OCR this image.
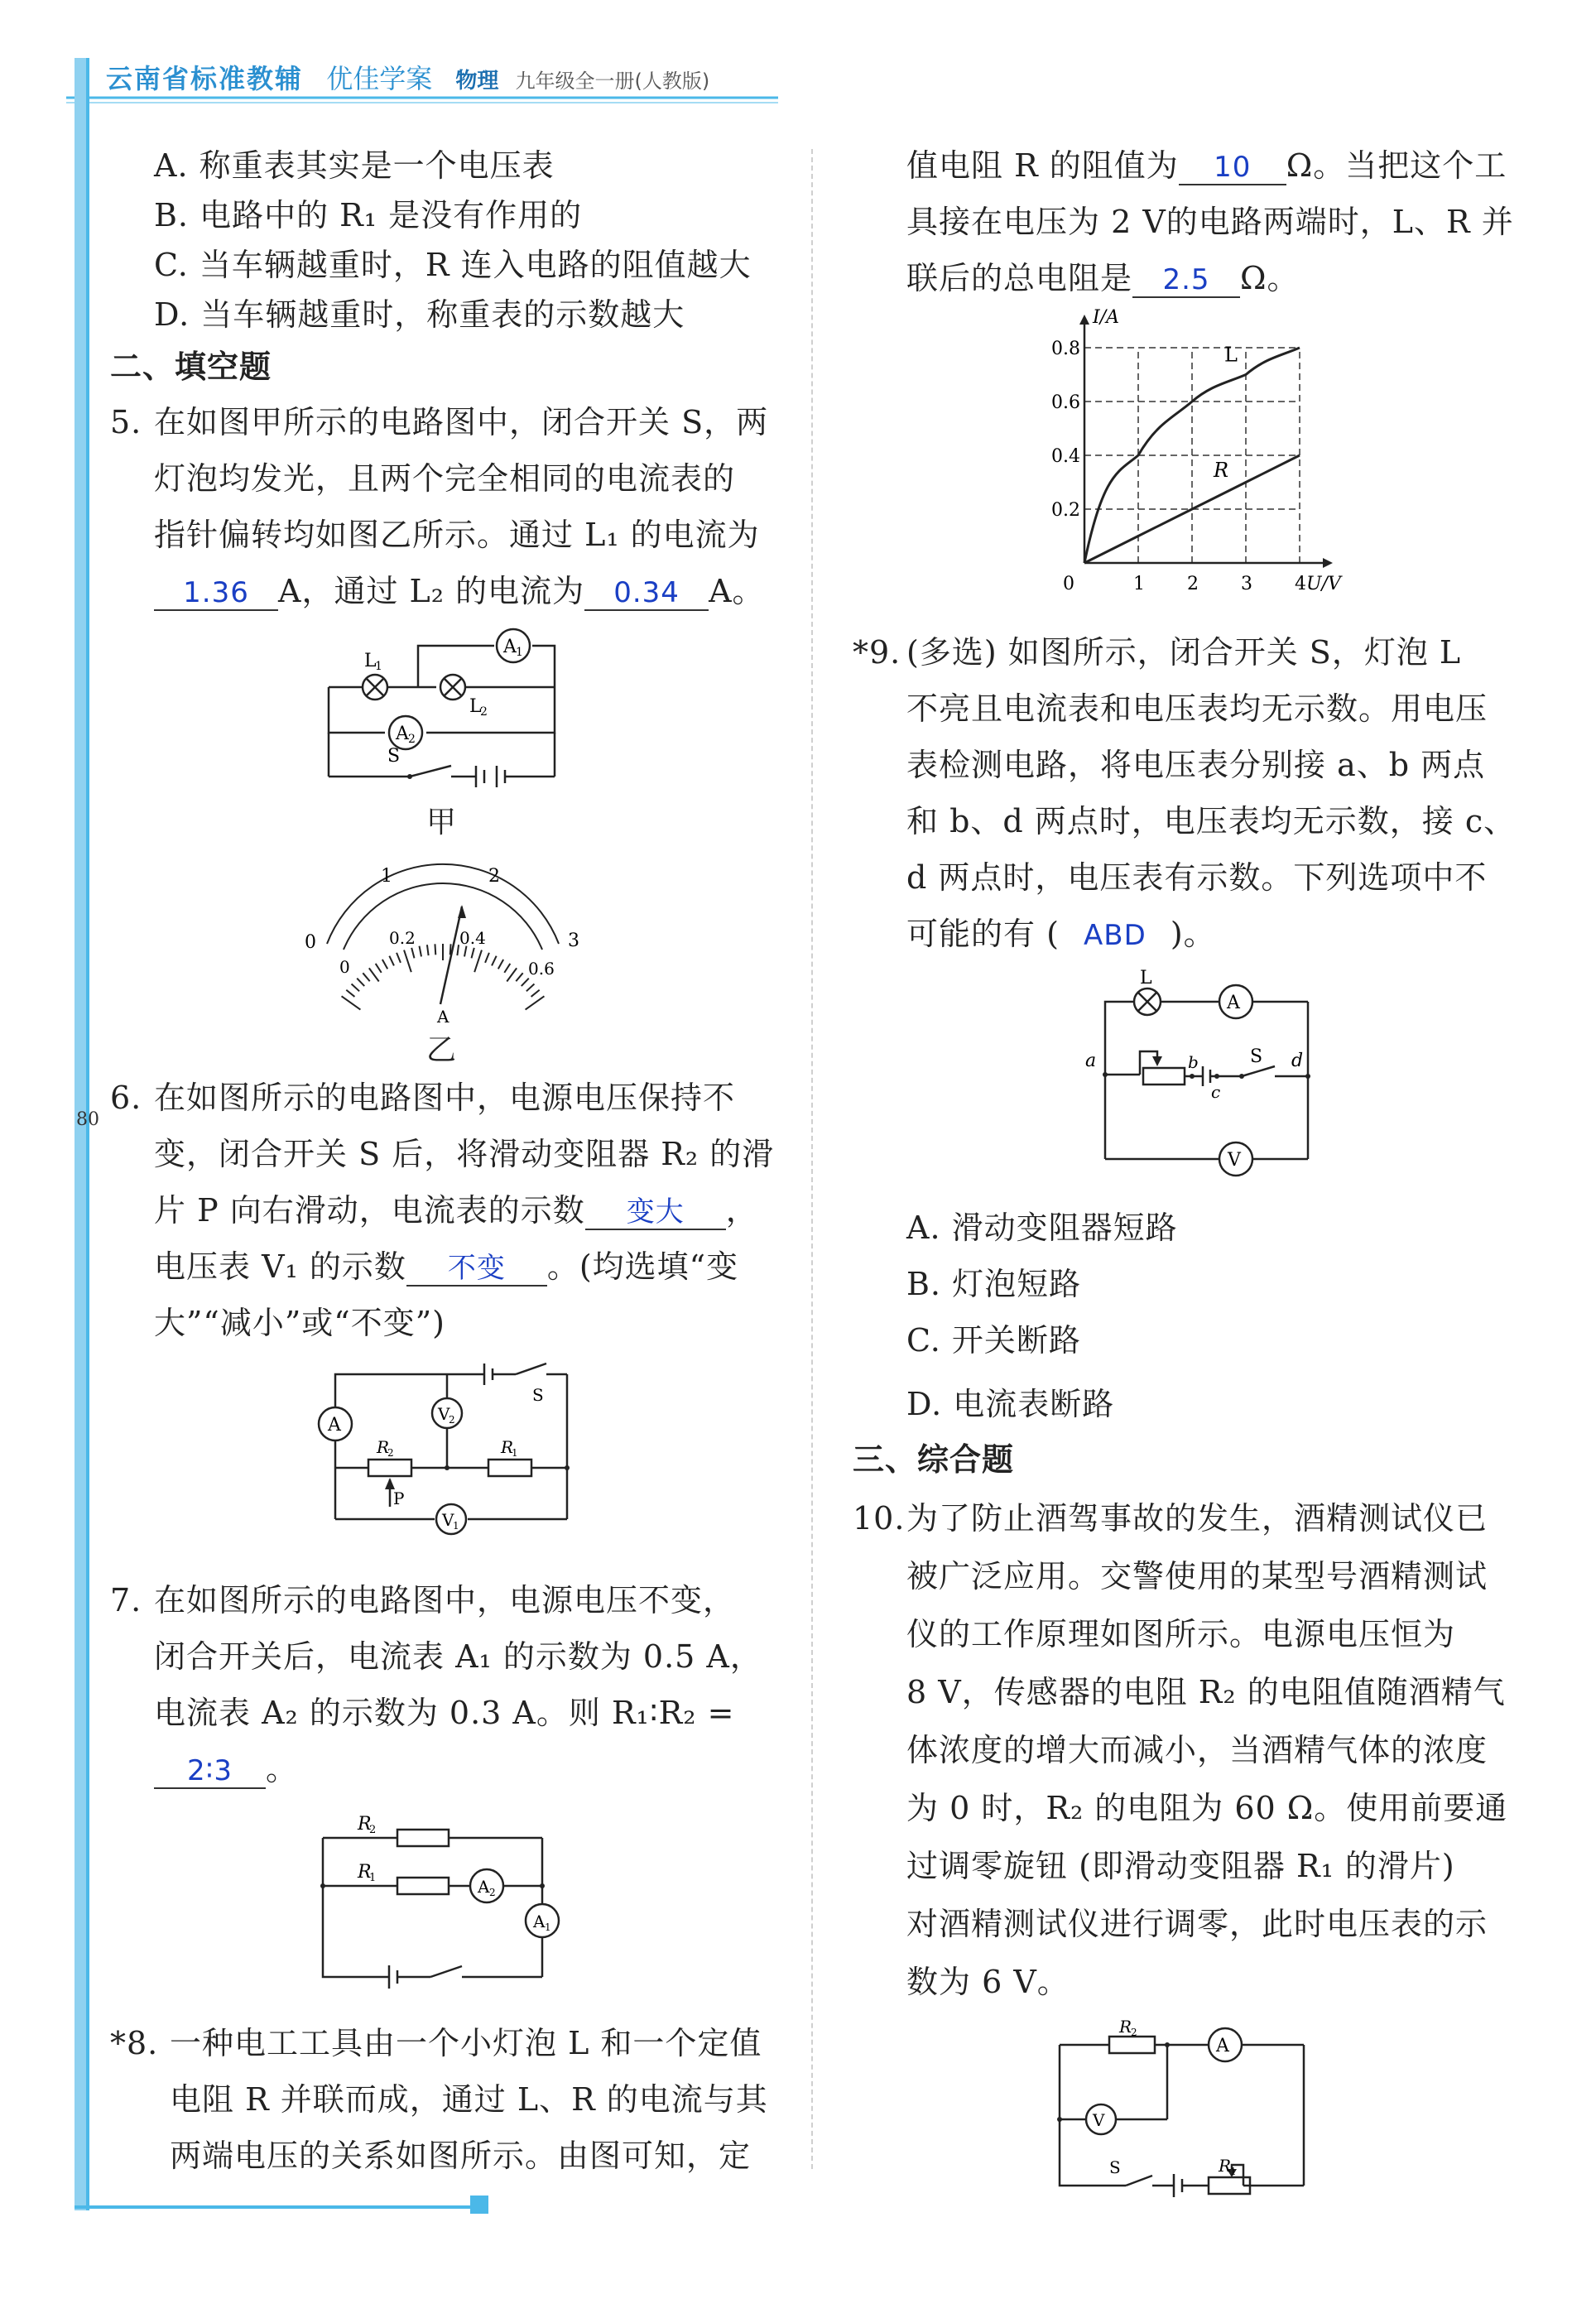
云南省标准教辅 优佳学案 物理 九年级全一册(人教版)
80
A. 称重表其实是一个电压表
B. 电路中的 R₁ 是没有作用的
C. 当车辆越重时，R 连入电路的阻值越大
D. 当车辆越重时，称重表的示数越大
二、填空题
5. 在如图甲所示的电路图中，闭合开关 S，两
灯泡均发光，且两个完全相同的电流表的
指针偏转均如图乙所示。通过 L₁ 的电流为
1.36 A，通过 L₂ 的电流为 0.34 A。
A 2
A 1
L
1
L
2
S
甲
0
1	2
3
0
0.2	0.4
0.6
A
乙
6. 在如图所示的电路图中，电源电压保持不
变，闭合开关 S 后，将滑动变阻器 R₂ 的滑
片 P 向右滑动，电流表的示数 变大 ，
电压表 V₁ 的示数 不变 。(均选填“变
大”“减小”或“不变”)
A
V
2
V
1
R
2	R
1
P
S
7. 在如图所示的电路图中，电源电压不变，
闭合开关后，电流表 A₁ 的示数为 0.5 A，
电流表 A₂ 的示数为 0.3 A。则 R₁∶R₂ =
2∶3 。
A 2
A 1
R
2
R
1
*8. 一种电工工具由一个小灯泡 L 和一个定值
电阻 R 并联而成，通过 L、R 的电流与其
两端电压的关系如图所示。由图可知，定
值电阻 R 的阻值为 10 Ω。当把这个工
具接在电压为 2 V的电路两端时，L、R 并
联后的总电阻是 2.5 Ω。
0	1 2 3 4
0.2
0.4
0.6
0.8
U/V
I/A
L
R
*9. (多选) 如图所示，闭合开关 S，灯泡 L
不亮且电流表和电压表均无示数。用电压
表检测电路，将电压表分别接 a、b 两点
和 b、d 两点时，电压表均无示数，接 c、
d 两点时，电压表有示数。下列选项中不
可能的有 ( ABD )。
A
V
L
a	b
c
S d
A. 滑动变阻器短路
B. 灯泡短路
C. 开关断路
D. 电流表断路
三、综合题
10. 为了防止酒驾事故的发生，酒精测试仪已
被广泛应用。交警使用的某型号酒精测试
仪的工作原理如图所示。电源电压恒为
8 V，传感器的电阻 R₂ 的电阻值随酒精气
体浓度的增大而减小，当酒精气体的浓度
为 0 时，R₂ 的电阻为 60 Ω。使用前要通
过调零旋钮 (即滑动变阻器 R₁ 的滑片)
对酒精测试仪进行调零，此时电压表的示
数为 6 V。
A
V
R
2
R
1
S
